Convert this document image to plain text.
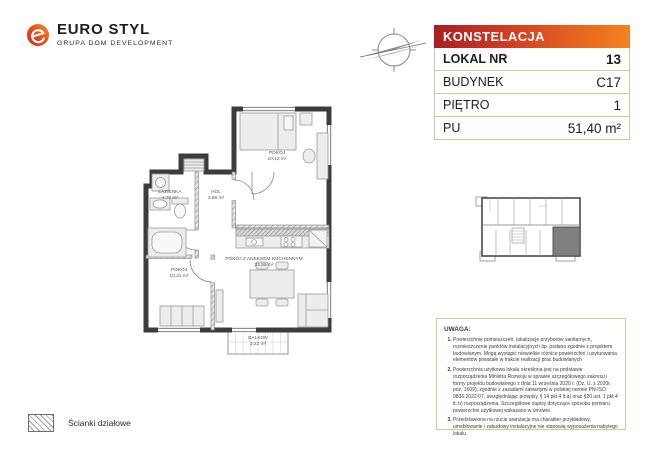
EURO STYL
GRUPA DOM DEVELOPMENT	KONSTELACJA
LOKAL NR	13
BUDYNEK	C17
PIĘTRO	1
PU	51,40 m²
POKÓJ
10,12 m²
ŁAZIENKA
4,70 m²
HOL
3,68 m²
POKÓJ
10,31 m²
POKÓJ Z ANEKSEM KUCHENNYM
22,59 m²
BALKON
3,22 m²
UWAGA:
1. Powierzchnię pomieszczeń, lokalizację przyborów sanitarnych, rozmieszczenie punktów instalacyjnych itp. podano zgodnie z projektem budowlanym. Mogą wystąpić niewielkie różnice powierzchni i usytuowania elementów powstałe w trakcie realizacji prac budowlanych
2. Powierzchnia użytkowa lokalu określona jest na podstawie rozporządzenia Ministra Rozwoju w sprawie szczegółowego zakresu i formy projektu budowlanego z dnia 11 września 2020 r. (Dz. U. z 2020r. poz. 1609), zgodnie z zasadami zawartymi w polskiej normie PN-ISO 9836:2022-07, uwzględniając przepisy § 14 pkt 4 lt.a) oraz §20 ust. 1 pkt 4 lt. b) rozporządzenia. Szczegółowe zapisy dotyczące sposobu pomiaru powierzchni użytkowej wskazano w umowie.
3. Przedstawiona na rzucie aranżacja ma charakter przykładowy, umeblowanie i zabudowy instalacyjne nie stanowią wyposażenia nabytego lokalu.
Ścianki działowe
